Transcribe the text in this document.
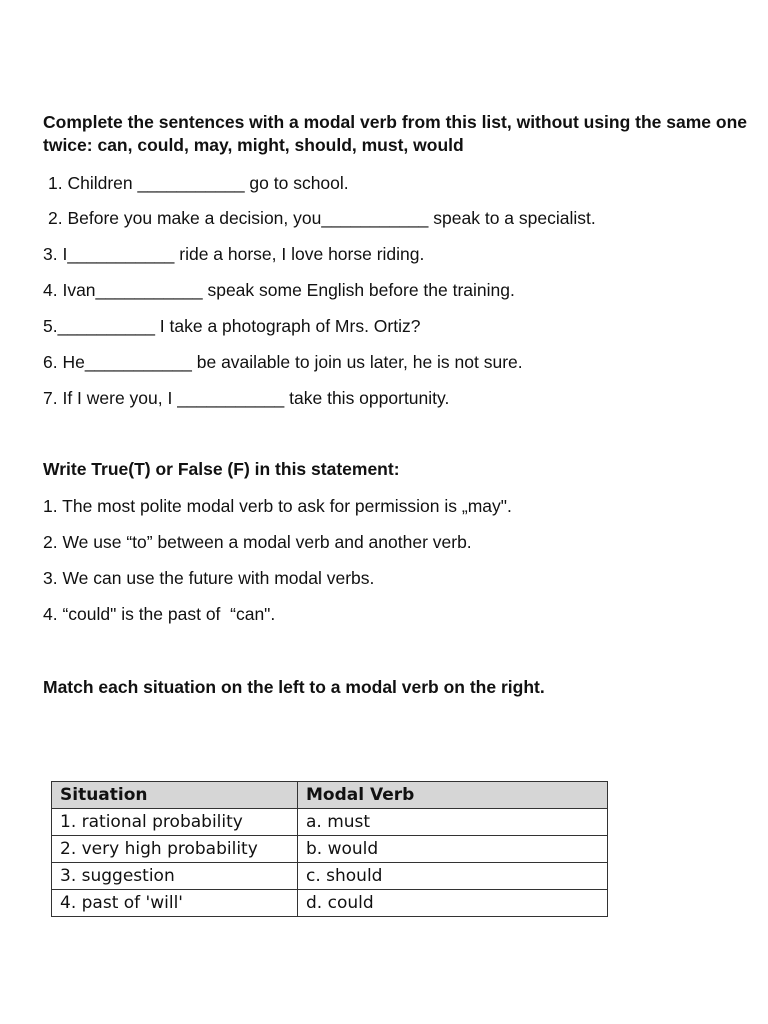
Complete the sentences with a modal verb from this list, without using the same one twice: can, could, may, might, should, must, would
1. Children ___________ go to school.
2. Before you make a decision, you___________ speak to a specialist.
3. I___________ ride a horse, I love horse riding.
4. Ivan___________ speak some English before the training.
5.__________ I take a photograph of Mrs. Ortiz?
6. He___________ be available to join us later, he is not sure.
7. If I were you, I ___________ take this opportunity.
Write True(T) or False (F) in this statement:
1. The most polite modal verb to ask for permission is „may".
2. We use “to” between a modal verb and another verb.
3. We can use the future with modal verbs.
4. “could" is the past of  “can".
Match each situation on the left to a modal verb on the right.
Situation	Modal Verb
1. rational probability	a. must
2. very high probability	b. would
3. suggestion	c. should
4. past of 'will'	d. could
